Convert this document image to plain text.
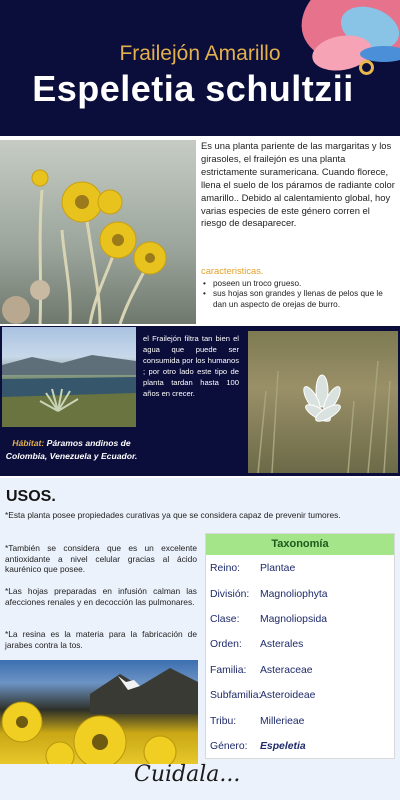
Frailejón Amarillo
Espeletia schultzii
Es una planta pariente de las margaritas y los girasoles, el frailejón es una planta estrictamente suramericana. Cuando florece, llena el suelo de los páramos de radiante color amarillo.. Debido al calentamiento global, hoy varias especies de este género corren el riesgo de desaparecer.
caracteristicas.
• poseen un troco grueso.
• sus hojas son grandes y llenas de pelos que le dan un aspecto de orejas de burro.
el Frailejón filtra tan bien el agua que puede ser consumida por los humanos ; por otro lado este tipo de planta tardan hasta 100 años en crecer.
Hábitat: Páramos andinos de Colombia, Venezuela y Ecuador.
USOS.
*Esta planta posee propiedades curativas ya que se considera capaz de prevenir tumores.
*También se considera que es un excelente antioxidante a nivel celular gracias al ácido kaurénico que posee.
*Las hojas preparadas en infusión calman las afecciones renales y en decocción las pulmonares.
*La resina es la materia para la fabricación de jarabes contra la tos.
Taxonomía
Reino: Plantae
División: Magnoliophyta
Clase: Magnoliopsida
Orden: Asterales
Familia: Asteraceae
Subfamilia:
Asteroideae
Tribu: Millerieae
Género: Espeletia
Cuidala...
